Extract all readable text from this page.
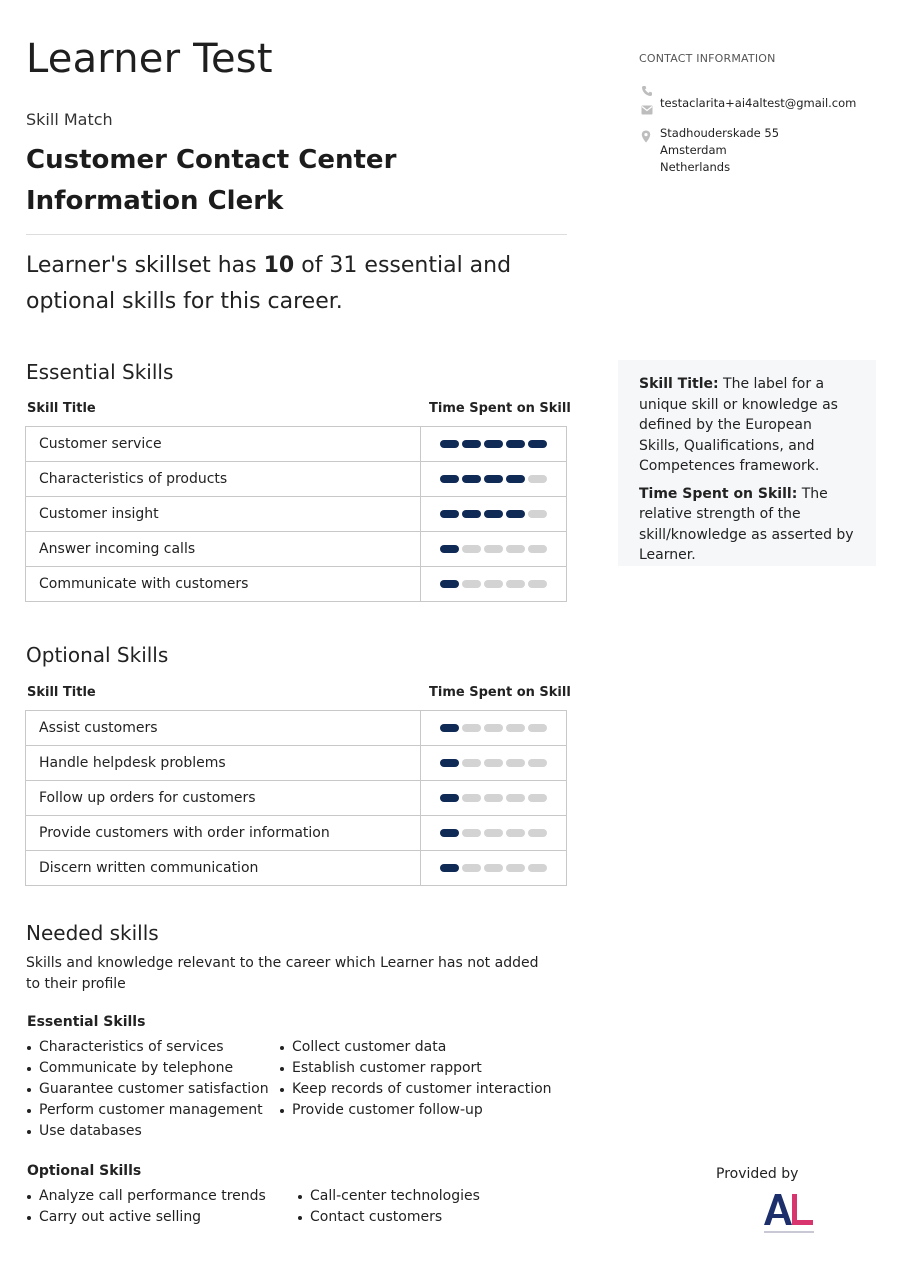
Learner Test
Skill Match
Customer Contact Center Information Clerk
Learner's skillset has 10 of 31 essential and optional skills for this career.
Essential Skills
Skill Title	Time Spent on Skill
Customer service	

Characteristics of products	

Customer insight	

Answer incoming calls	

Communicate with customers	
Optional Skills
Skill Title	Time Spent on Skill
Assist customers	

Handle helpdesk problems	

Follow up orders for customers	

Provide customers with order information	

Discern written communication	
Needed skills
Skills and knowledge relevant to the career which Learner has not added to their profile
Essential Skills
Characteristics of services
Communicate by telephone
Guarantee customer satisfaction
Perform customer management
Use databases
Collect customer data
Establish customer rapport
Keep records of customer interaction
Provide customer follow-up
Optional Skills
Analyze call performance trends
Carry out active selling
Call-center technologies
Contact customers
CONTACT INFORMATION
testaclarita+ai4altest@gmail.com
Stadhouderskade 55
Amsterdam
Netherlands

Skill Title: The label for a unique skill or knowledge as defined by the European Skills, Qualifications, and Competences framework.

Time Spent on Skill: The relative strength of the skill/knowledge as asserted by Learner.

Provided by
